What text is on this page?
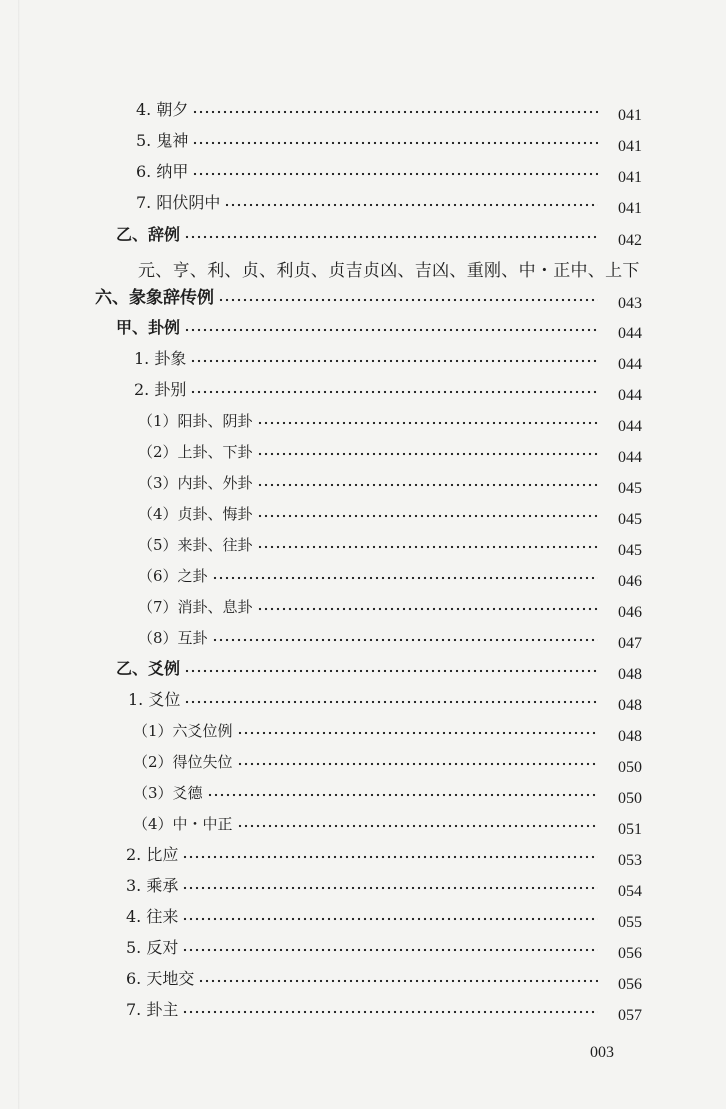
4. 朝夕	041
5. 鬼神	041
6. 纳甲	041
7. 阳伏阴中	041
乙、辞例	042
元、亨、利、贞、利贞、贞吉贞凶、吉凶、重刚、中・正中、上下
六、彖象辞传例	043
甲、卦例	044
1. 卦象	044
2. 卦别	044
（1）阳卦、阴卦	044
（2）上卦、下卦	044
（3）内卦、外卦	045
（4）贞卦、悔卦	045
（5）来卦、往卦	045
（6）之卦	046
（7）消卦、息卦	046
（8）互卦	047
乙、爻例	048
1. 爻位	048
（1）六爻位例	048
（2）得位失位	050
（3）爻德	050
（4）中・中正	051
2. 比应	053
3. 乘承	054
4. 往来	055
5. 反对	056
6. 天地交	056
7. 卦主	057
003
